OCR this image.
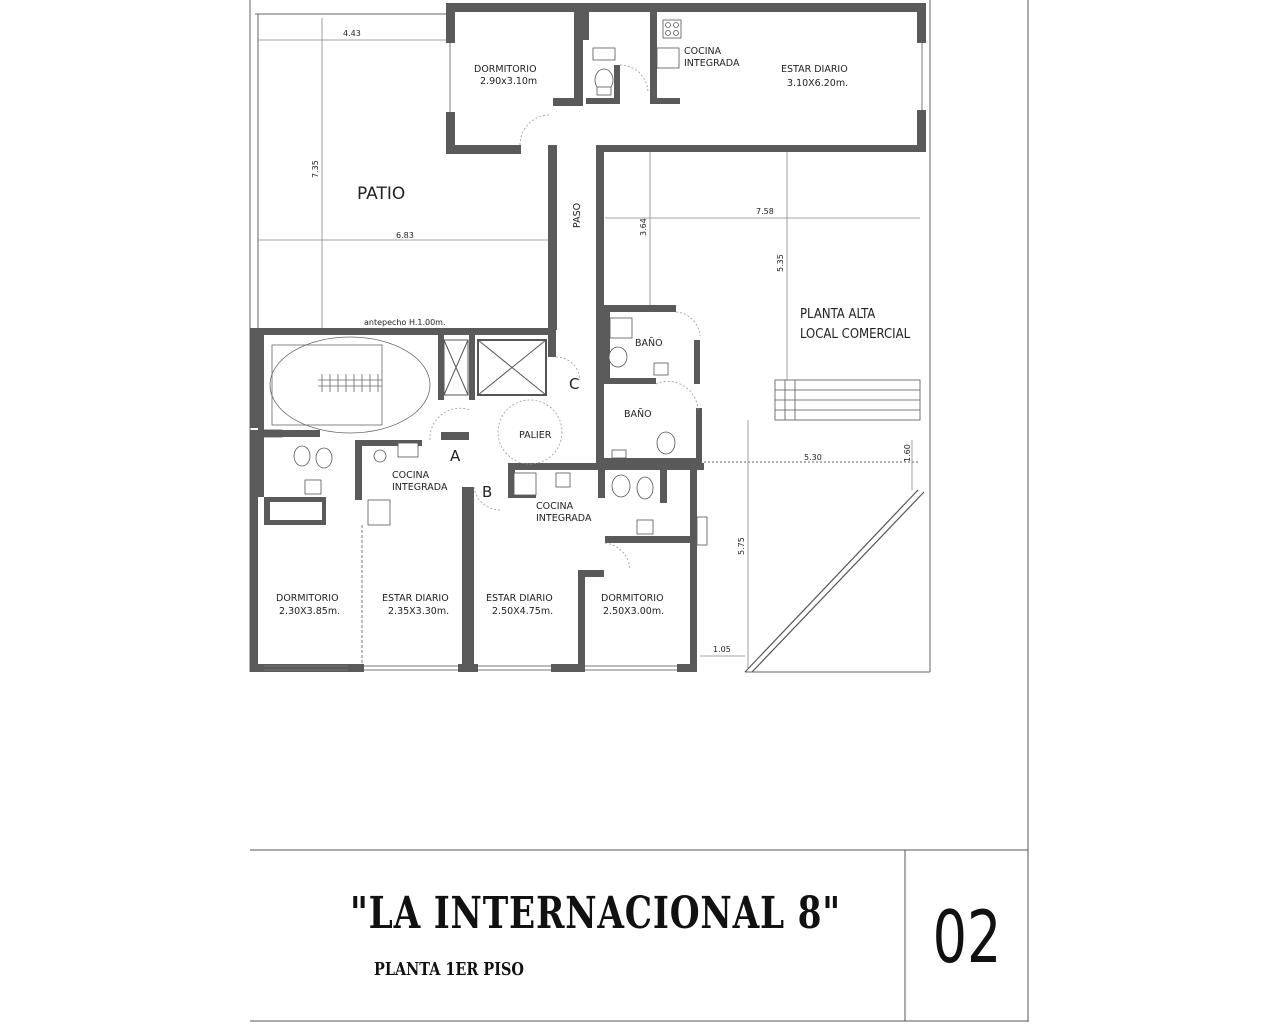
DORMITORIO
2.90x3.10m
COCINA
INTEGRADA
ESTAR DIARIO
3.10X6.20m.
PATIO
PASO
PLANTA ALTA
LOCAL COMERCIAL
BAÑO
BAÑO
PALIER
COCINA
INTEGRADA
COCINA
INTEGRADA
DORMITORIO
2.30X3.85m.
ESTAR DIARIO
2.35X3.30m.
ESTAR DIARIO
2.50X4.75m.
DORMITORIO
2.50X3.00m.
A
B
C
4.43
7.35
6.83	3.64
7.58
5.35
5.30	1.60
5.75
1.05
antepecho H.1.00m.
"LA INTERNACIONAL 8"
PLANTA 1ER PISO	02
